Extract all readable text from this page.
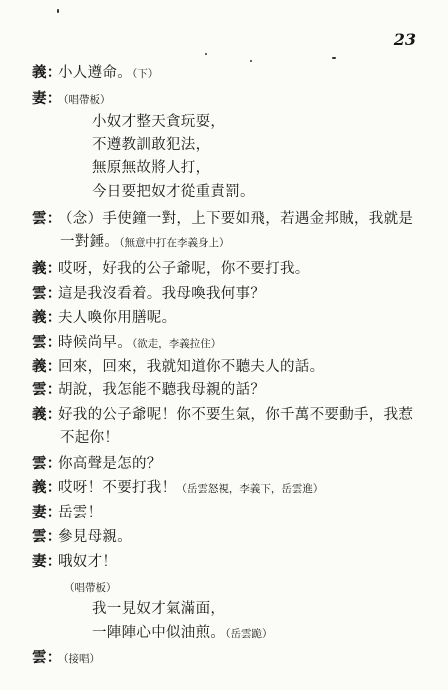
23
義：小人遵命。（下）
妻：（唱帶板）
小奴才整天貪玩耍，
不遵教訓敢犯法，
無原無故將人打，
今日要把奴才從重責罰。
雲：（念）手使鐘一對，上下要如飛，若遇金邦賊，我就是
一對錘。（無意中打在李義身上）
義：哎呀，好我的公子爺呢，你不要打我。
雲：這是我沒看着。我母喚我何事？
義：夫人喚你用膳呢。
雲：時候尚早。（欲走，李義拉住）
義：回來，回來，我就知道你不聽夫人的話。
雲：胡說，我怎能不聽我母親的話？
義：好我的公子爺呢！你不要生氣，你千萬不要動手，我惹
不起你！
雲：你高聲是怎的？
義：哎呀！不要打我！（岳雲怒視，李義下，岳雲進）
妻：岳雲！
雲：參見母親。
妻：哦奴才！
（唱帶板）
我一見奴才氣滿面，
一陣陣心中似油煎。（岳雲跪）
雲：（接唱）
